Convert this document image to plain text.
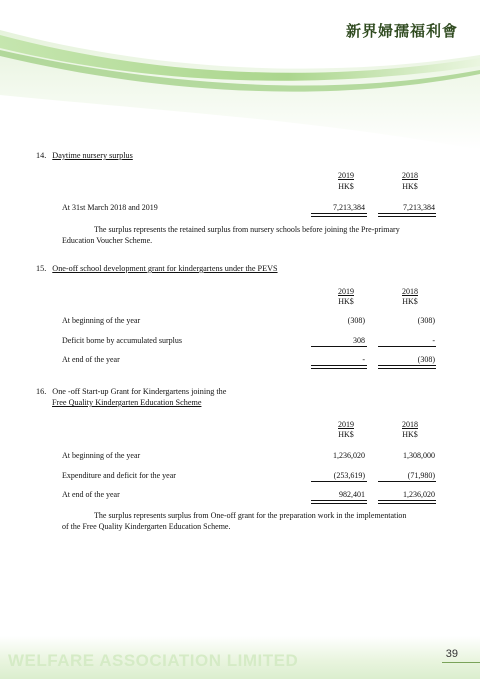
新界婦孺福利會
14. Daytime nursery surplus
2019	2018
HK$	HK$
At 31st March 2018 and 2019	7,213,384	7,213,384
The surplus represents the retained surplus from nursery schools before joining the Pre-primary Education Voucher Scheme.
15. One-off school development grant for kindergartens under the PEVS
2019	2018
HK$	HK$
At beginning of the year	(308)	(308)
Deficit borne by accumulated surplus	308	-
At end of the year	-	(308)
16. One -off Start-up Grant for Kindergartens joining the
Free Quality Kindergarten Education Scheme
2019	2018
HK$	HK$
At beginning of the year	1,236,020	1,308,000
Expenditure and deficit for the year	(253,619)	(71,980)
At end of the year	982,401	1,236,020
The surplus represents surplus from One-off grant for the preparation work in the implementation of the Free Quality Kindergarten Education Scheme.
WELFARE ASSOCIATION LIMITED	39
